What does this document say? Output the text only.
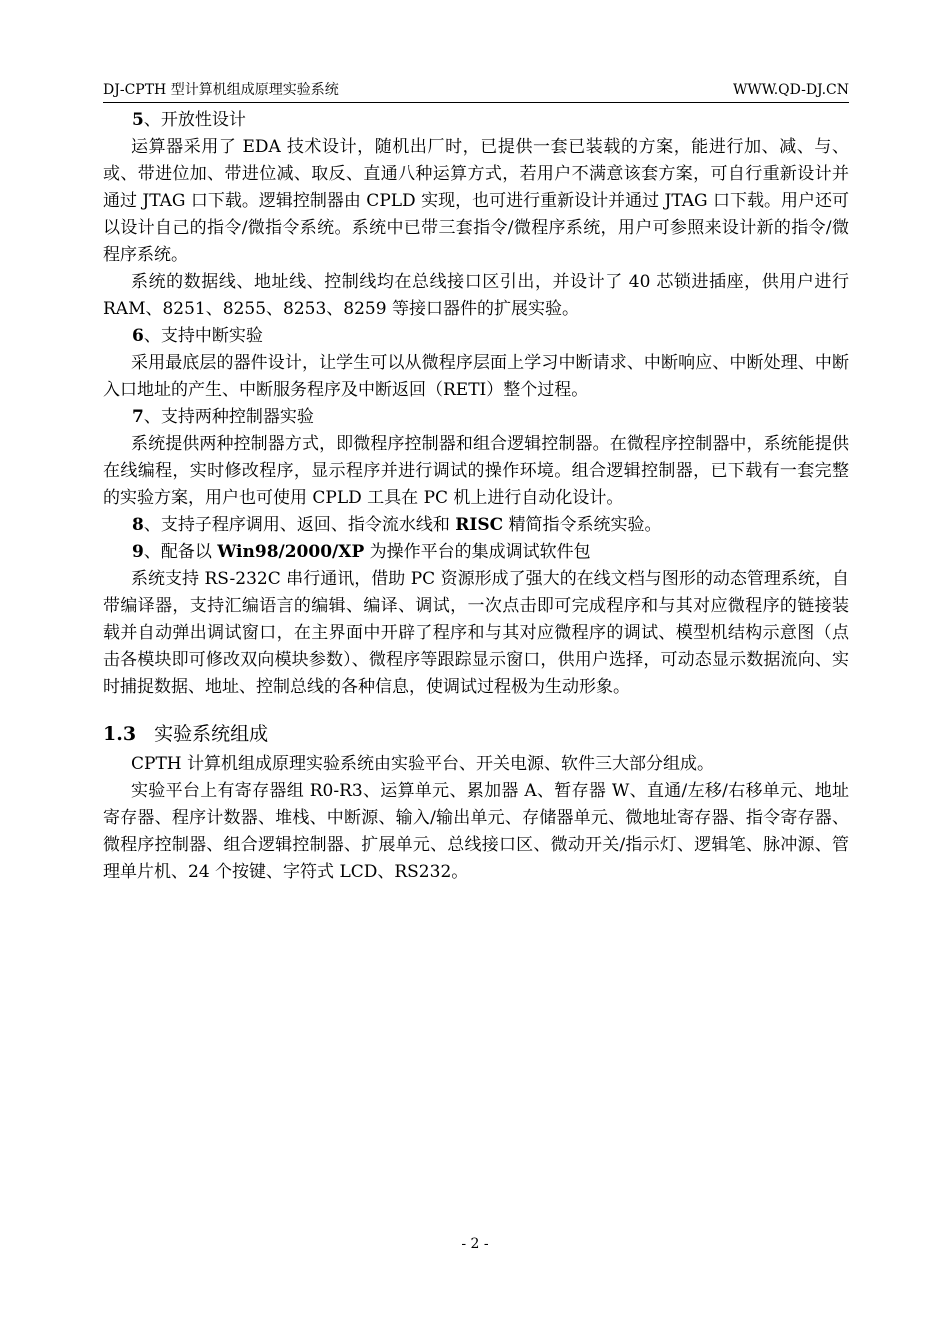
DJ-CPTH 型计算机组成原理实验系统	WWW.QD-DJ.CN

5、开放性设计

运算器采用了 EDA 技术设计，随机出厂时，已提供一套已装载的方案，能进行加、减、与、或、带进位加、带进位减、取反、直通八种运算方式，若用户不满意该套方案，可自行重新设计并通过 JTAG 口下载。逻辑控制器由 CPLD 实现，也可进行重新设计并通过 JTAG 口下载。用户还可以设计自己的指令/微指令系统。系统中已带三套指令/微程序系统，用户可参照来设计新的指令/微程序系统。

系统的数据线、地址线、控制线均在总线接口区引出，并设计了 40 芯锁进插座，供用户进行 RAM、8251、8255、8253、8259 等接口器件的扩展实验。

6、支持中断实验

采用最底层的器件设计，让学生可以从微程序层面上学习中断请求、中断响应、中断处理、中断入口地址的产生、中断服务程序及中断返回（RETI）整个过程。

7、支持两种控制器实验

系统提供两种控制器方式，即微程序控制器和组合逻辑控制器。在微程序控制器中，系统能提供在线编程，实时修改程序，显示程序并进行调试的操作环境。组合逻辑控制器，已下载有一套完整的实验方案，用户也可使用 CPLD 工具在 PC 机上进行自动化设计。

8、支持子程序调用、返回、指令流水线和 RISC 精简指令系统实验。

9、配备以 Win98/2000/XP 为操作平台的集成调试软件包

系统支持 RS-232C 串行通讯，借助 PC 资源形成了强大的在线文档与图形的动态管理系统，自带编译器，支持汇编语言的编辑、编译、调试，一次点击即可完成程序和与其对应微程序的链接装载并自动弹出调试窗口，在主界面中开辟了程序和与其对应微程序的调试、模型机结构示意图（点击各模块即可修改双向模块参数）、微程序等跟踪显示窗口，供用户选择，可动态显示数据流向、实时捕捉数据、地址、控制总线的各种信息，使调试过程极为生动形象。

1.3 实验系统组成

CPTH 计算机组成原理实验系统由实验平台、开关电源、软件三大部分组成。

实验平台上有寄存器组 R0-R3、运算单元、累加器 A、暂存器 W、直通/左移/右移单元、地址寄存器、程序计数器、堆栈、中断源、输入/输出单元、存储器单元、微地址寄存器、指令寄存器、微程序控制器、组合逻辑控制器、扩展单元、总线接口区、微动开关/指示灯、逻辑笔、脉冲源、管理单片机、24 个按键、字符式 LCD、RS232。

- 2 -
